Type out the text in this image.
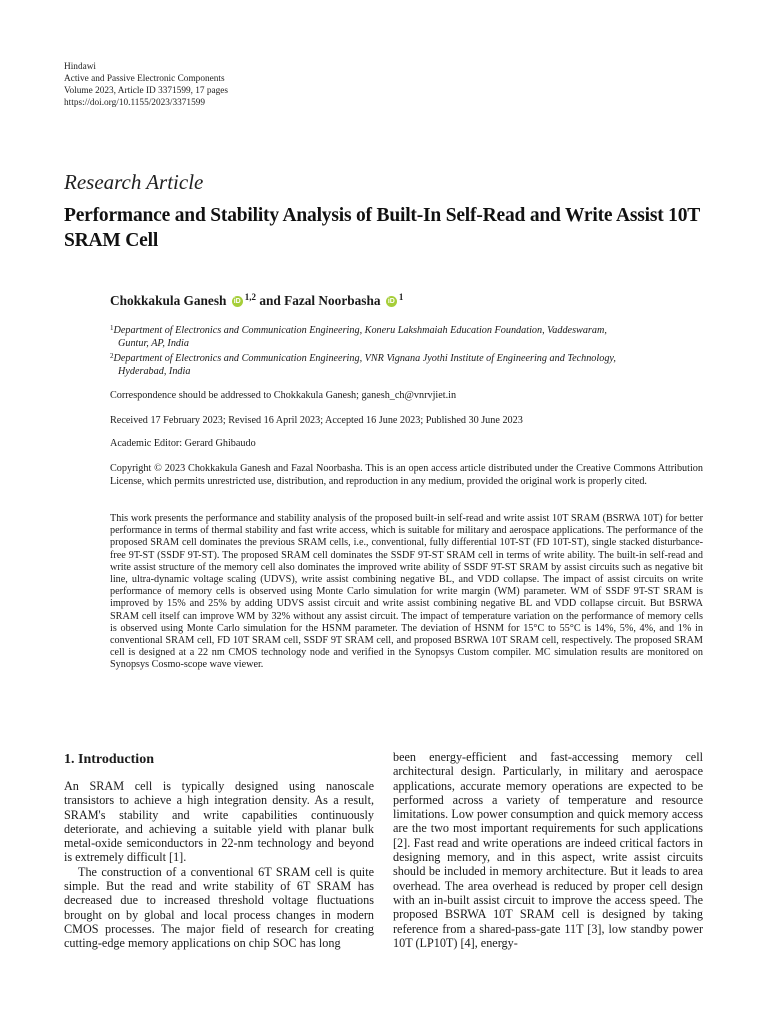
Hindawi
Active and Passive Electronic Components
Volume 2023, Article ID 3371599, 17 pages
https://doi.org/10.1155/2023/3371599
Research Article
Performance and Stability Analysis of Built-In Self-Read and Write Assist 10T SRAM Cell
Chokkakula Ganesh iD $^{1,2}$ and Fazal Noorbasha iD $^1$
$^1$Department of Electronics and Communication Engineering, Koneru Lakshmaiah Education Foundation, Vaddeswaram,
Guntur, AP, India
$^2$Department of Electronics and Communication Engineering, VNR Vignana Jyothi Institute of Engineering and Technology,
Hyderabad, India
Correspondence should be addressed to Chokkakula Ganesh; ganesh_ch@vnrvjiet.in
Received 17 February 2023; Revised 16 April 2023; Accepted 16 June 2023; Published 30 June 2023
Academic Editor: Gerard Ghibaudo
Copyright © 2023 Chokkakula Ganesh and Fazal Noorbasha. This is an open access article distributed under the Creative Commons Attribution License, which permits unrestricted use, distribution, and reproduction in any medium, provided the original work is properly cited.

This work presents the performance and stability analysis of the proposed built-in self-read and write assist 10T SRAM (BSRWA 10T) for better performance in terms of thermal stability and fast write access, which is suitable for military and aerospace applications. The performance of the proposed SRAM cell dominates the previous SRAM cells, i.e., conventional, fully differential 10T-ST (FD 10T-ST), single stacked disturbance-free 9T-ST (SSDF 9T-ST). The proposed SRAM cell dominates the SSDF 9T-ST SRAM cell in terms of write ability. The built-in self-read and write assist structure of the memory cell also dominates the improved write ability of SSDF 9T-ST SRAM by assist circuits such as negative bit line, ultra-dynamic voltage scaling (UDVS), write assist combining negative BL, and VDD collapse. The impact of assist circuits on write performance of memory cells is observed using Monte Carlo simulation for write margin (WM) parameter. WM of SSDF 9T-ST SRAM is improved by 15% and 25% by adding UDVS assist circuit and write assist combining negative BL and VDD collapse circuit. But BSRWA SRAM cell itself can improve WM by 32% without any assist circuit. The impact of temperature variation on the performance of memory cells is observed using Monte Carlo simulation for the HSNM parameter. The deviation of HSNM for 15°C to 55°C is 14%, 5%, 4%, and 1% in conventional SRAM cell, FD 10T SRAM cell, SSDF 9T SRAM cell, and proposed BSRWA 10T SRAM cell, respectively. The proposed SRAM cell is designed at a 22 nm CMOS technology node and verified in the Synopsys Custom compiler. MC simulation results are monitored on Synopsys Cosmo-scope wave viewer.

1. Introduction

An SRAM cell is typically designed using nanoscale transistors to achieve a high integration density. As a result, SRAM's stability and write capabilities continuously deteriorate, and achieving a suitable yield with planar bulk metal-oxide semiconductors in 22-nm technology and beyond is extremely difficult [1].

The construction of a conventional 6T SRAM cell is quite simple. But the read and write stability of 6T SRAM has decreased due to increased threshold voltage fluctuations brought on by global and local process changes in modern CMOS processes. The major field of research for creating cutting-edge memory applications on chip SOC has long

been energy-efficient and fast-accessing memory cell architectural design. Particularly, in military and aerospace applications, accurate memory operations are expected to be performed across a variety of temperature and resource limitations. Low power consumption and quick memory access are the two most important requirements for such applications [2]. Fast read and write operations are indeed critical factors in designing memory, and in this aspect, write assist circuits should be included in memory architecture. But it leads to area overhead. The area overhead is reduced by proper cell design with an in-built assist circuit to improve the access speed. The proposed BSRWA 10T SRAM cell is designed by taking reference from a shared-pass-gate 11T [3], low standby power 10T (LP10T) [4], energy-
